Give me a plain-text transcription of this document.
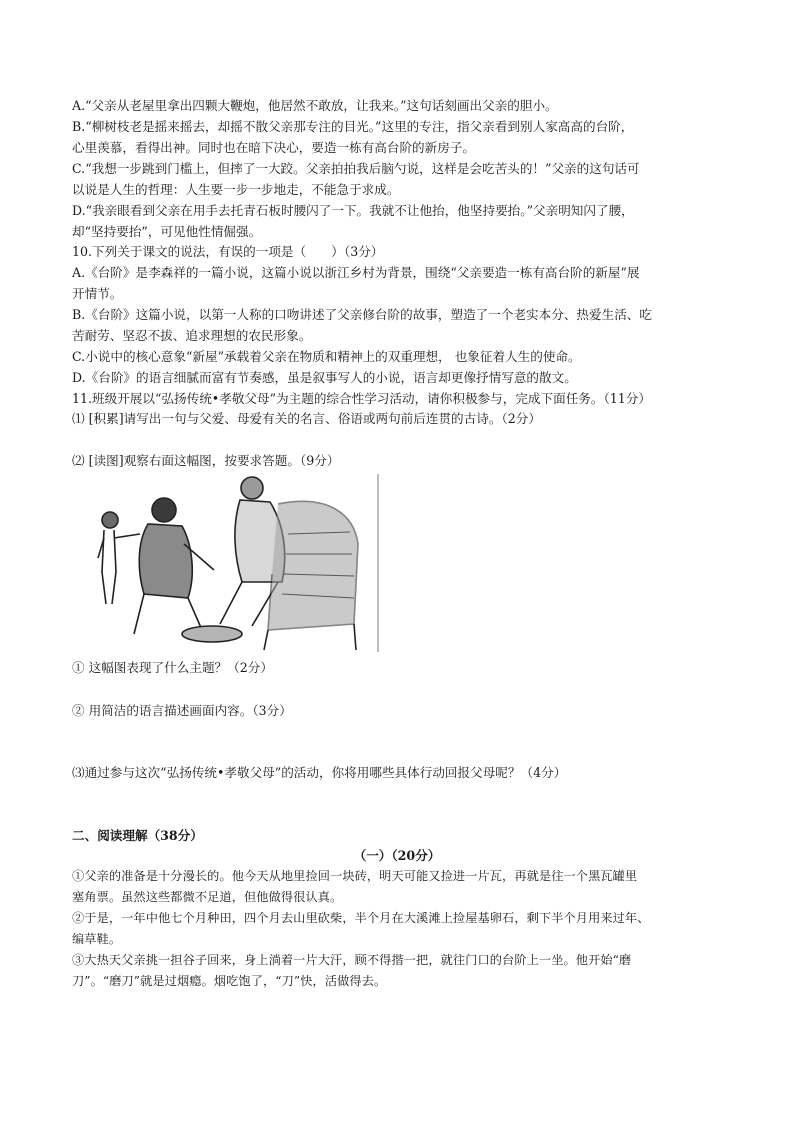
A.“父亲从老屋里拿出四颗大鞭炮，他居然不敢放，让我来。”这句话刻画出父亲的胆小。
B.“柳树枝老是摇来摇去，却摇不散父亲那专注的目光。”这里的专注，指父亲看到别人家高高的台阶，
心里羡慕，看得出神。同时也在暗下决心，要造一栋有高台阶的新房子。
C.“我想一步跳到门槛上，但摔了一大跤。父亲拍拍我后脑勺说，这样是会吃苦头的！”父亲的这句话可
以说是人生的哲理：人生要一步一步地走，不能急于求成。
D.“我亲眼看到父亲在用手去托青石板时腰闪了一下。我就不让他抬，他坚持要抬。”父亲明知闪了腰，
却“坚持要抬”，可见他性情倔强。
10.下列关于课文的说法，有误的一项是（　　）（3分）
A.《台阶》是李森祥的一篇小说，这篇小说以浙江乡村为背景，围绕“父亲要造一栋有高台阶的新屋”展
开情节。
B.《台阶》这篇小说，以第一人称的口吻讲述了父亲修台阶的故事，塑造了一个老实本分、热爱生活、吃
苦耐劳、坚忍不拔、追求理想的农民形象。
C.小说中的核心意象“新屋”承载着父亲在物质和精神上的双重理想， 也象征着人生的使命。
D.《台阶》的语言细腻而富有节奏感，虽是叙事写人的小说，语言却更像抒情写意的散文。
11.班级开展以“弘扬传统•孝敬父母”为主题的综合性学习活动，请你积极参与，完成下面任务。（11分）
⑴ [积累]请写出一句与父爱、母爱有关的名言、俗语或两句前后连贯的古诗。（2分）
⑵ [读图]观察右面这幅图，按要求答题。（9分）
① 这幅图表现了什么主题？（2分）
② 用简洁的语言描述画面内容。（3分）
⑶通过参与这次“弘扬传统•孝敬父母”的活动，你将用哪些具体行动回报父母呢？（4分）
二、阅读理解（38分）
（一）（20分）
①父亲的准备是十分漫长的。他今天从地里捡回一块砖，明天可能又捡进一片瓦，再就是往一个黑瓦罐里
塞角票。虽然这些都微不足道，但他做得很认真。
②于是，一年中他七个月种田，四个月去山里砍柴，半个月在大溪滩上捡屋基卵石，剩下半个月用来过年、
编草鞋。
③大热天父亲挑一担谷子回来，身上淌着一片大汗，顾不得揩一把，就往门口的台阶上一坐。他开始“磨
刀”。“磨刀”就是过烟瘾。烟吃饱了，“刀”快，活做得去。
